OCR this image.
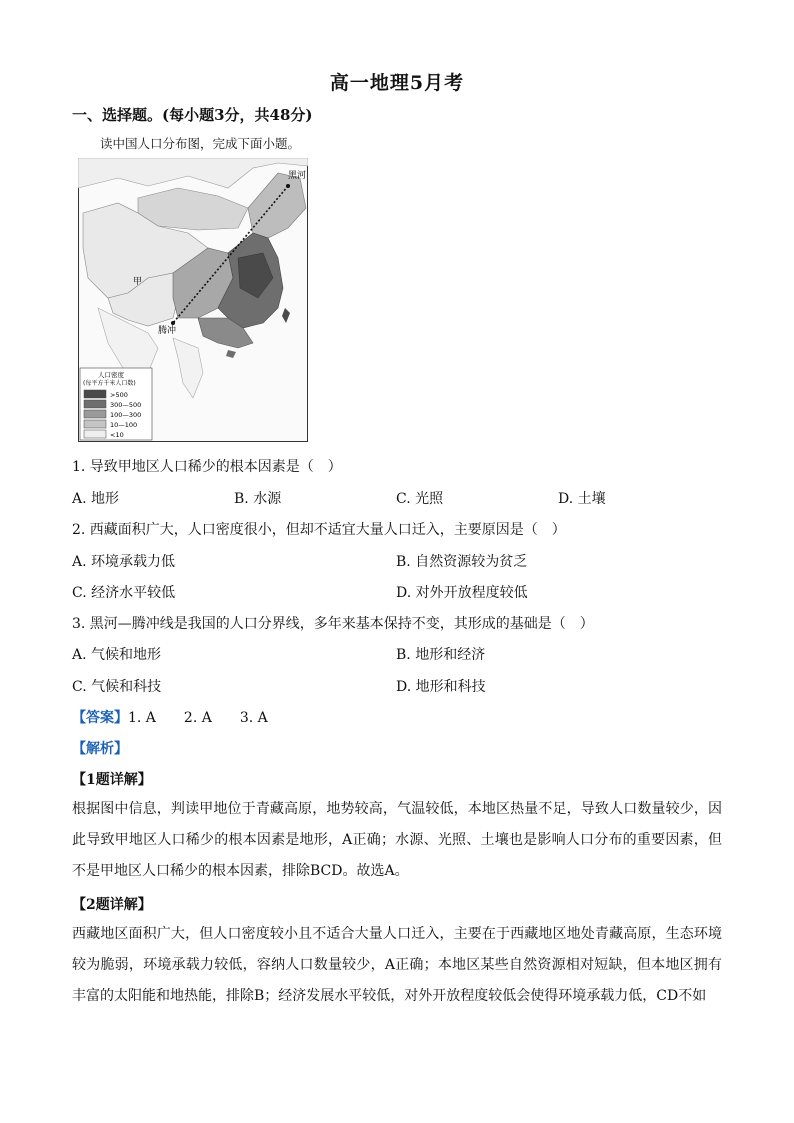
高一地理5月考
一、选择题。(每小题3分，共48分)
读中国人口分布图，完成下面小题。
黑河
腾冲
甲
人口密度
(每平方千米人口数)
>500
300—500
100—300
10—100
<10
1. 导致甲地区人口稀少的根本因素是（　）
A. 地形	B. 水源	C. 光照	D. 土壤
2. 西藏面积广大，人口密度很小，但却不适宜大量人口迁入，主要原因是（　）
A. 环境承载力低	B. 自然资源较为贫乏
C. 经济水平较低	D. 对外开放程度较低
3. 黑河—腾冲线是我国的人口分界线，多年来基本保持不变，其形成的基础是（　）
A. 气候和地形	B. 地形和经济
C. 气候和科技	D. 地形和科技
【答案】1. A　　2. A　　3. A
【解析】
【1题详解】
根据图中信息，判读甲地位于青藏高原，地势较高，气温较低，本地区热量不足，导致人口数量较少，因此导致甲地区人口稀少的根本因素是地形，A正确；水源、光照、土壤也是影响人口分布的重要因素，但不是甲地区人口稀少的根本因素，排除BCD。故选A。
【2题详解】
西藏地区面积广大，但人口密度较小且不适合大量人口迁入，主要在于西藏地区地处青藏高原，生态环境较为脆弱，环境承载力较低，容纳人口数量较少，A正确；本地区某些自然资源相对短缺，但本地区拥有丰富的太阳能和地热能，排除B；经济发展水平较低，对外开放程度较低会使得环境承载力低，CD不如
